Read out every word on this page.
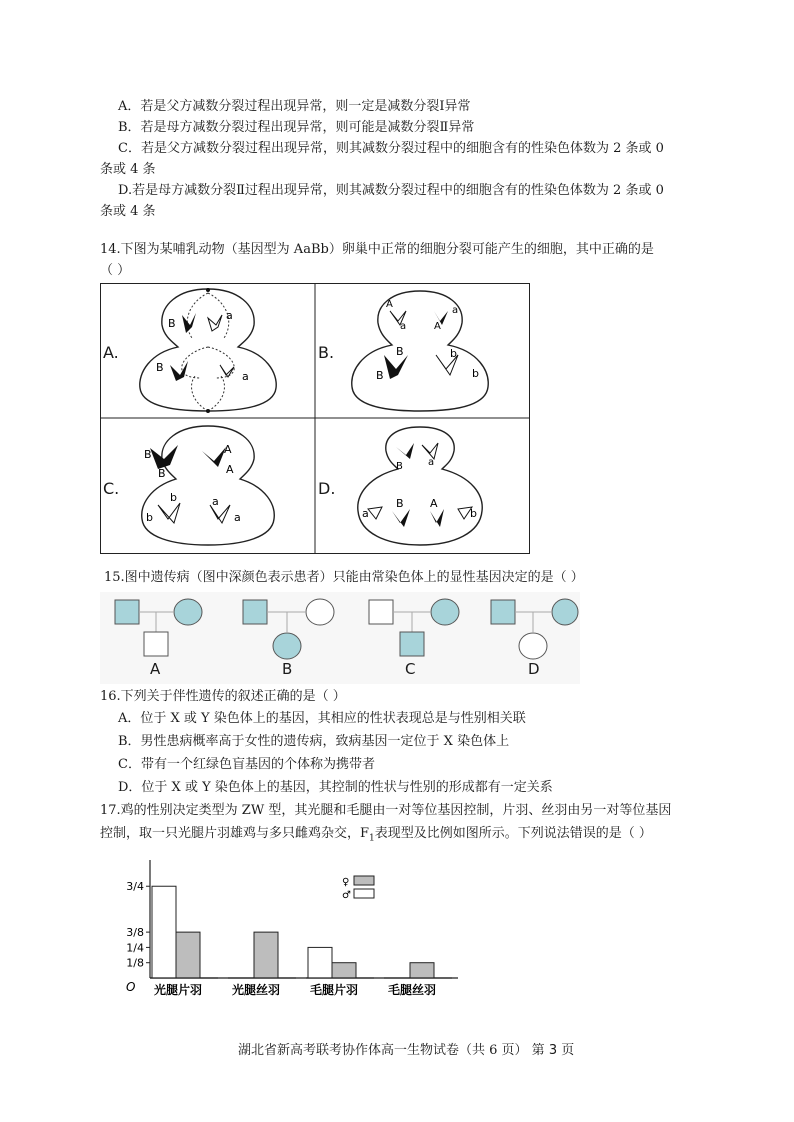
A．若是父方减数分裂过程出现异常，则一定是减数分裂Ⅰ异常
B．若是母方减数分裂过程出现异常，则可能是减数分裂Ⅱ异常
C．若是父方减数分裂过程出现异常，则其减数分裂过程中的细胞含有的性染色体数为 2 条或 0
条或 4 条
D.若是母方减数分裂Ⅱ过程出现异常，则其减数分裂过程中的细胞含有的性染色体数为 2 条或 0
条或 4 条
14.下图为某哺乳动物（基因型为 AaBb）卵巢中正常的细胞分裂可能产生的细胞，其中正确的是
（ ）
B
a
B
a
A
a	A
a
B
B
b
b
B
B
A
A
b
b
a
a
B	a
B A
a	b
A.	B.
C.	D.
15.图中遗传病（图中深颜色表示患者）只能由常染色体上的显性基因决定的是（ ）
A	B	C	D
16.下列关于伴性遗传的叙述正确的是（ ）
A．位于 X 或 Y 染色体上的基因，其相应的性状表现总是与性别相关联
B．男性患病概率高于女性的遗传病，致病基因一定位于 X 染色体上
C．带有一个红绿色盲基因的个体称为携带者
D．位于 X 或 Y 染色体上的基因，其控制的性状与性别的形成都有一定关系
17.鸡的性别决定类型为 ZW 型，其光腿和毛腿由一对等位基因控制，片羽、丝羽由另一对等位基因
控制，取一只光腿片羽雄鸡与多只雌鸡杂交，$F_1$表现型及比例如图所示。下列说法错误的是（ ）
O
3/4
3/8
1/4
1/8
光腿片羽 光腿丝羽 毛腿片羽 毛腿丝羽
♀
♂
湖北省新高考联考协作体高一生物试卷（共 6 页） 第 3 页
